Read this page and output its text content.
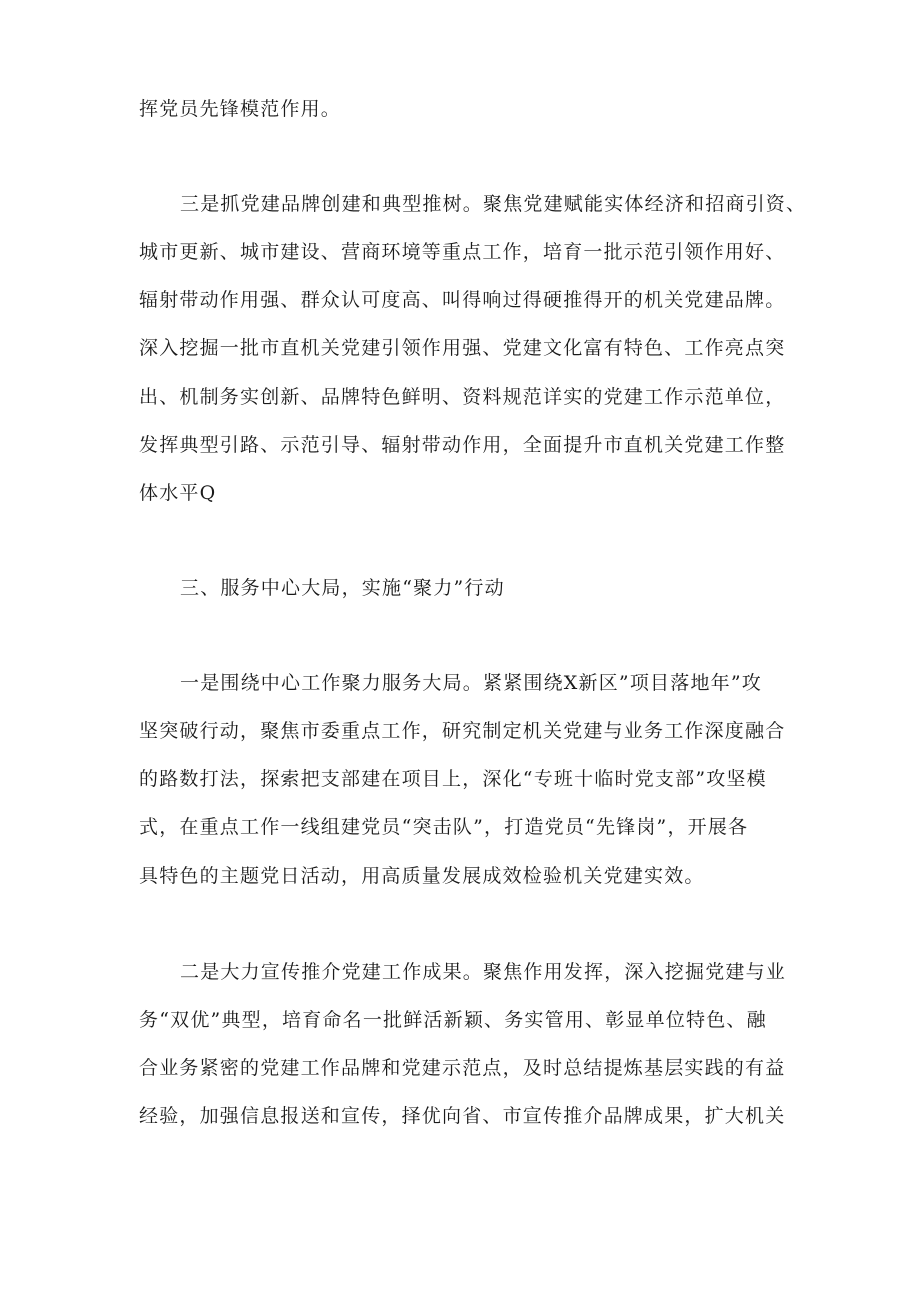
挥党员先锋模范作用。

三是抓党建品牌创建和典型推树。聚焦党建赋能实体经济和招商引资、

城市更新、城市建设、营商环境等重点工作，培育一批示范引领作用好、

辐射带动作用强、群众认可度高、叫得响过得硬推得开的机关党建品牌。

深入挖掘一批市直机关党建引领作用强、党建文化富有特色、工作亮点突

出、机制务实创新、品牌特色鲜明、资料规范详实的党建工作示范单位，

发挥典型引路、示范引导、辐射带动作用，全面提升市直机关党建工作整

体水平Q

三、服务中心大局，实施“聚力”行动

一是围绕中心工作聚力服务大局。紧紧围绕X新区”项目落地年”攻

坚突破行动，聚焦市委重点工作，研究制定机关党建与业务工作深度融合

的路数打法，探索把支部建在项目上，深化“专班十临时党支部”攻坚模

式，在重点工作一线组建党员“突击队”，打造党员“先锋岗”，开展各

具特色的主题党日活动，用高质量发展成效检验机关党建实效。

二是大力宣传推介党建工作成果。聚焦作用发挥，深入挖掘党建与业

务“双优”典型，培育命名一批鲜活新颖、务实管用、彰显单位特色、融

合业务紧密的党建工作品牌和党建示范点，及时总结提炼基层实践的有益

经验，加强信息报送和宣传，择优向省、市宣传推介品牌成果，扩大机关
